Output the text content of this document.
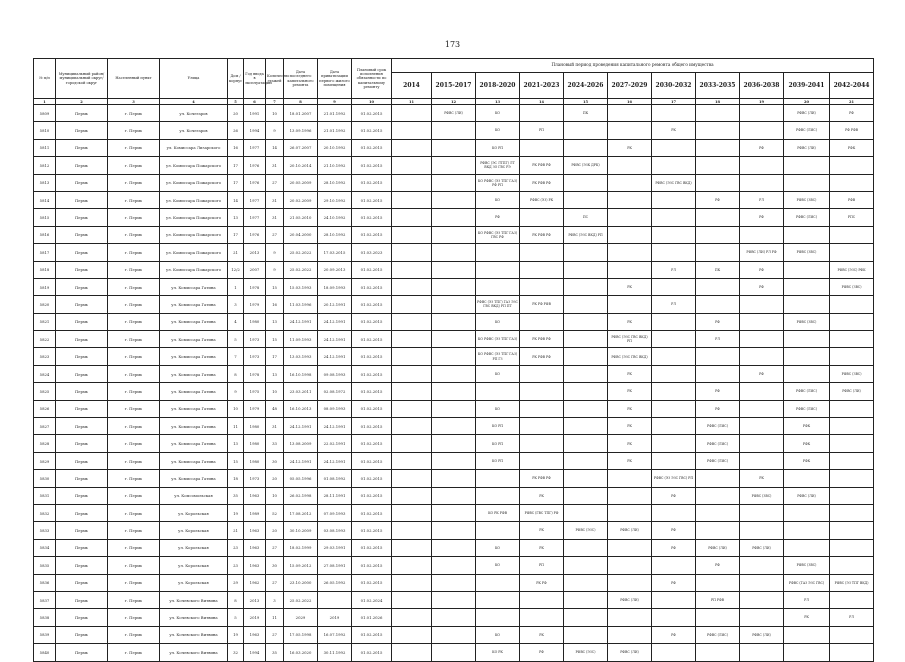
173
№ п/п	Муниципальный район/муниципальный округ/городской округ	Населенный пункт	Улица	Дом / корпус	Год ввода в эксплуатацию	Количество этажей	Дата последнего капитального ремонта	Дата приватизации первого жилого помещения	Плановый срок исполнения обязанности по капитальному ремонту	Плановый период проведения капитального ремонта общего имущества										
										2014	2015-2017	2018-2020	2021-2023	2024-2026	2027-2029	2030-2032	2033-2035	2036-2038	2039-2041	2042-2044
1	2	3	4	5	6	7	8	9	10	11	12	13	14	15	16	17	18	19	20	21
5809	Пермь	г. Пермь	ул. Кочегаров	20	1991	10	18.01.2007	21.01.1992	01.02.2015		РФВС (ЛИ)	КО		ПК					РФВС (ЛИ)	РФ
5810	Пермь	г. Пермь	ул. Кочегаров	26	1994	9	13.09.1996	21.01.1992	01.02.2015			КО	РП			РК			РФВС (ЛИС)	РФ РФВ
5811	Пермь	г. Пермь	ул. Комиссара Лизарского	16	1977	14	26.07.2007	20.10.1992	01.02.2015			КО РП			РК			РФ	РФВС (ЛИ)	РФК
5812	Пермь	г. Пермь	ул. Комиссара Пожарского	17	1976	31	20.10.2014	21.10.1992	01.02.2015			РФВС (ЭС ЛТПГ) ЛТ ВКД ЗО ГВС РЭ	РК РФВ РФ	РФВС (ЭЗК ДРК)						
5813	Пермь	г. Пермь	ул. Комиссара Пожарского	17	1976	27	20.05.2009	28.10.1992	01.02.2015			КО РФВС (ЭЗ ТПГ ГАЗ) РФ РП	РК РФВ РФ			РФВС (ЭЗС ГВС ВКД)				
5814	Пермь	г. Пермь	ул. Комиссара Пожарского	14	1977	31	20.02.2009	29.10.1992	01.02.2015			КО	РФВС (ЭЗ) РК				РФ	РЛ	РФВС (ЗВС)	РФВ
5815	Пермь	г. Пермь	ул. Комиссара Пожарского	13	1977	31	21.05.2010	24.10.1992	01.02.2015			РФ		ПС				РФ	РФВС (ЛИС)	РПС
5816	Пермь	г. Пермь	ул. Комиссара Пожарского	17	1976	27	20.04.2000	28.10.1992	01.02.2015			КО РФВС (ЭЗ ТПГ ГАЗ) ГВС РФ	РК РФВ РФ	РФВС (ЭЗС ВКД) РП						
5817	Пермь	г. Пермь	ул. Комиссара Пожарского	21	2013	9	25.02.2022	17.03.2015	01.03.2023									РФВС (ЛИ) РЛ РФ	РФВС (ЗВС)	
5818	Пермь	г. Пермь	ул. Комиссара Пожарского	12/2	2007	9	25.02.2022	20.09.2013	01.02.2015							РЛ	ПК	РФ		РФВС (ЭЗС) РФК
5819	Пермь	г. Пермь	ул. Комиссара Гатина	1	1978	15	15.03.1993	18.09.1993	01.02.2015						РК			РФ		РФВС (ЗВС)
5820	Пермь	г. Пермь	ул. Комиссара Гатина	3	1979	16	11.03.1996	20.12.1991	01.02.2015			РФВС (ЭЗ ТПГ) ГАЗ ЭЗС ГВС ВКД) РП ПТ	РК РФ РФВ			РЛ				
5821	Пермь	г. Пермь	ул. Комиссара Гатина	4	1980	13	24.12.1991	24.12.1991	01.02.2015			КО			РК		РФ		РФВС (ЗВС)	
5822	Пермь	г. Пермь	ул. Комиссара Гатина	5	1973	15	11.09.1993	24.12.1991	01.02.2015			КО РФВС (ЭЗ ТПГ ГАЗ)	РК РФВ РФ		РФВС (ЭЗС ГВС ВКД) РП		РЛ			
5823	Пермь	г. Пермь	ул. Комиссара Гатина	7	1973	17	13.03.1993	24.12.1991	01.02.2015			КО РФВС (ЭЗ ТПГ ГАЗ) РП ГЗ	РК РФВ РФ		РФВС (ЭЗС ГВС ВКД)					
5824	Пермь	г. Пермь	ул. Комиссара Гатина	8	1978	13	16.10.1998	09.08.1993	01.02.2015			КО			РК			РФ		РФВС (ЗВС)
5825	Пермь	г. Пермь	ул. Комиссара Гатина	9	1975	10	23.03.2011	02.08.1972	01.02.2015						РК		РФ		РФВС (ЛИС)	РФВС (ЛИ)
5826	Пермь	г. Пермь	ул. Комиссара Гатина	10	1979	48	16.10.2013	08.09.1993	01.02.2015			КО			РК		РФ		РФВС (ЛИС)	
5827	Пермь	г. Пермь	ул. Комиссара Гатина	11	1980	31	24.12.1991	24.12.1991	01.02.2015			КО РП			РК		РФВС (ЛИС)		РФК	
5828	Пермь	г. Пермь	ул. Комиссара Гатина	13	1980	33	13.08.2009	22.02.1991	01.02.2015			КО РП			РК		РФВС (ЛИС)		РФК	
5829	Пермь	г. Пермь	ул. Комиссара Гатина	15	1980	30	24.12.1991	24.12.1991	01.02.2015			КО РП			РК		РФВС (ЛИС)		РФК	
5830	Пермь	г. Пермь	ул. Комиссара Гатина	18	1973	20	05.05.1996	01.08.1992	01.02.2015				РК РФВ РФ			РФВС (ЭЗ ЭЗС ГВС) РП		РК		
5831	Пермь	г. Пермь	ул. Комсомольская	35	1963	10	26.02.1998	28.11.1991	01.02.2015				РК			РФ		РФВС (ЗВС)	РФВС (ЛИ)	
5832	Пермь	г. Пермь	ул. Корольская	19	1989	52	17.08.2012	07.09.1993	01.02.2015			КО РК РФВ	РФВС (ГВС ТПГ) РФ							
5833	Пермь	г. Пермь	ул. Корольская	21	1963	20	30.10.2009	03.08.1993	01.02.2015				РК	РФВС (ЭЗС)	РФВС (ЛИ)	РФ				
5834	Пермь	г. Пермь	ул. Корольская	23	1963	27	18.02.1999	29.03.1991	01.02.2015			КО	РК			РФ	РФВС (ЛИ)	РФВС (ЛИ)		
5835	Пермь	г. Пермь	ул. Корольская	23	1963	30	15.09.2012	27.08.1991	01.02.2015			КО	РП				РФ		РФВС (ЗВС)	
5836	Пермь	г. Пермь	ул. Корольская	29	1962	27	23.10.2000	26.05.1992	01.02.2015				РК РФ			РФ			РФВС (ГАЗ ЭЗС ГВС)	РФВС (ЭЗ ТПГ ВКД)
5837	Пермь	г. Пермь	ул. Кочевского Витвина	8	2013	3	25.02.2022		01.02.2024						РФВС (ЛИ)		РП РФВ		РЛ	
5838	Пермь	г. Пермь	ул. Кочевского Витвина	5	2019	11	2029	2019	01.01.2026										РК	РЛ
5839	Пермь	г. Пермь	ул. Кочевского Витвина	19	1963	27	17.05.1998	16.07.1992	01.02.2015			КО	РК			РФ	РФВС (ЛИС)	РФВС (ЛИ)		
5840	Пермь	г. Пермь	ул. Кочевского Витвина	32	1994	35	16.03.2020	30.11.1992	01.02.2015			КО РК	РФ	РФВС (ЭЗС)	РФВС (ЛИ)					
